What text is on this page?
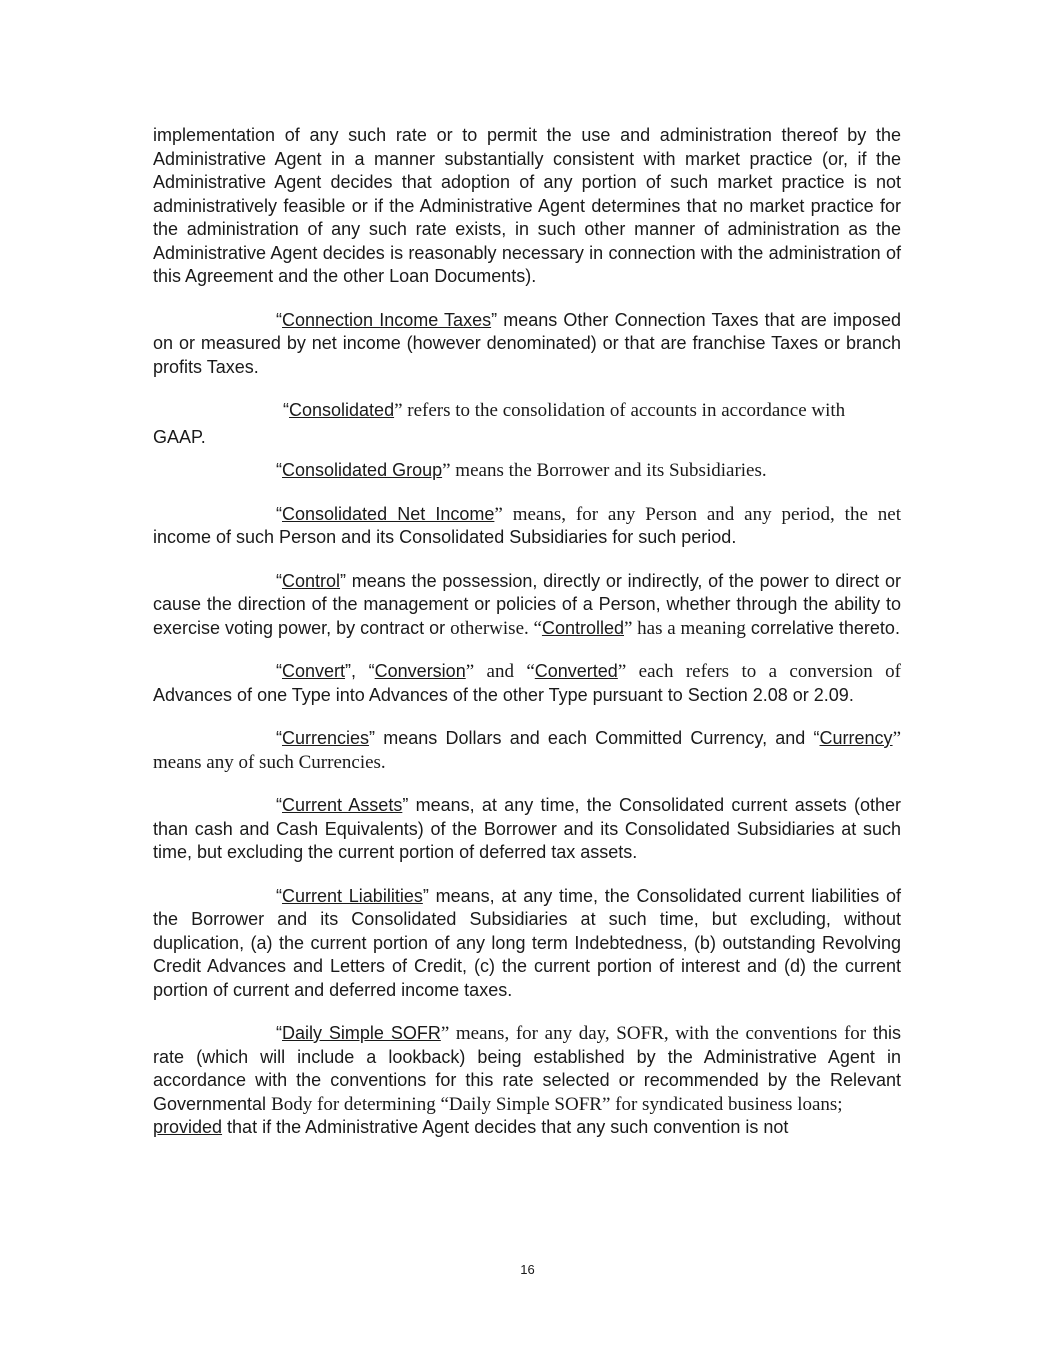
implementation of any such rate or to permit the use and administration thereof by the Administrative Agent in a manner substantially consistent with market practice (or, if the Administrative Agent decides that adoption of any portion of such market practice is not administratively feasible or if the Administrative Agent determines that no market practice for the administration of any such rate exists, in such other manner of administration as the Administrative Agent decides is reasonably necessary in connection with the administration of this Agreement and the other Loan Documents).

“Connection Income Taxes” means Other Connection Taxes that are imposed on or measured by net income (however denominated) or that are franchise Taxes or branch profits Taxes.

“Consolidated” refers to the consolidation of accounts in accordance with
GAAP.

“Consolidated Group” means the Borrower and its Subsidiaries.

“Consolidated Net Income” means, for any Person and any period, the net income of such Person and its Consolidated Subsidiaries for such period.

“Control” means the possession, directly or indirectly, of the power to direct or cause the direction of the management or policies of a Person, whether through the ability to exercise voting power, by contract or otherwise. “Controlled” has a meaning correlative thereto.

“Convert”, “Conversion” and “Converted” each refers to a conversion of Advances of one Type into Advances of the other Type pursuant to Section 2.08 or 2.09.

“Currencies” means Dollars and each Committed Currency, and “Currency” means any of such Currencies.

“Current Assets” means, at any time, the Consolidated current assets (other than cash and Cash Equivalents) of the Borrower and its Consolidated Subsidiaries at such time, but excluding the current portion of deferred tax assets.

“Current Liabilities” means, at any time, the Consolidated current liabilities of the Borrower and its Consolidated Subsidiaries at such time, but excluding, without duplication, (a) the current portion of any long term Indebtedness, (b) outstanding Revolving Credit Advances and Letters of Credit, (c) the current portion of interest and (d) the current portion of current and deferred income taxes.

“Daily Simple SOFR” means, for any day, SOFR, with the conventions for this rate (which will include a lookback) being established by the Administrative Agent in accordance with the conventions for this rate selected or recommended by the Relevant Governmental Body for determining “Daily Simple SOFR” for syndicated business loans;
provided that if the Administrative Agent decides that any such convention is not

16
